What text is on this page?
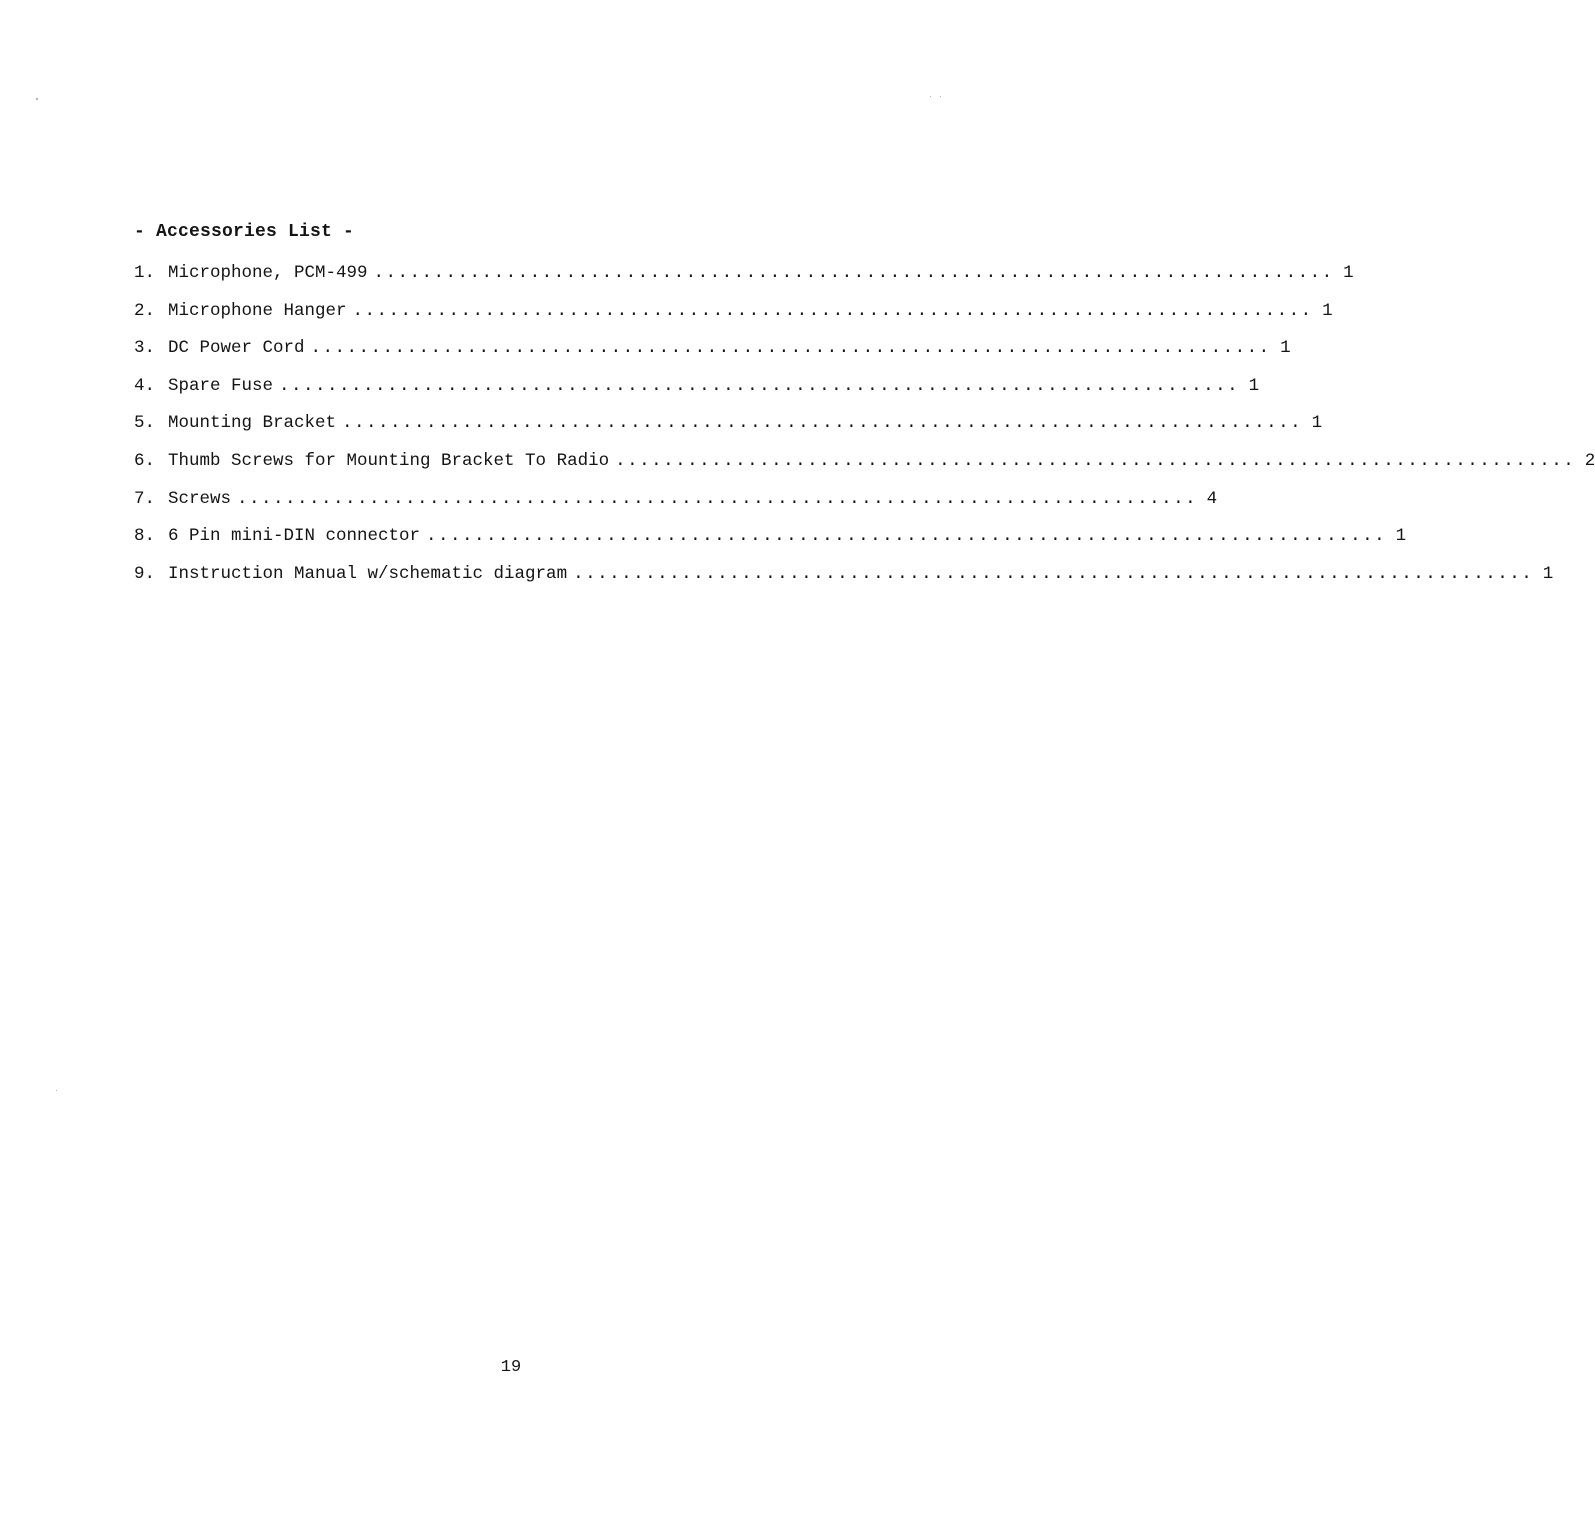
- Accessories List -
1. Microphone, PCM-499 ................................................................................ 1
2. Microphone Hanger ................................................................................ 1
3. DC Power Cord ................................................................................ 1
4. Spare Fuse ................................................................................ 1
5. Mounting Bracket ................................................................................ 1
6. Thumb Screws for Mounting Bracket To Radio ................................................................................ 2
7. Screws ................................................................................ 4
8. 6 Pin mini-DIN connector ................................................................................ 1
9. Instruction Manual w/schematic diagram ................................................................................ 1
19
